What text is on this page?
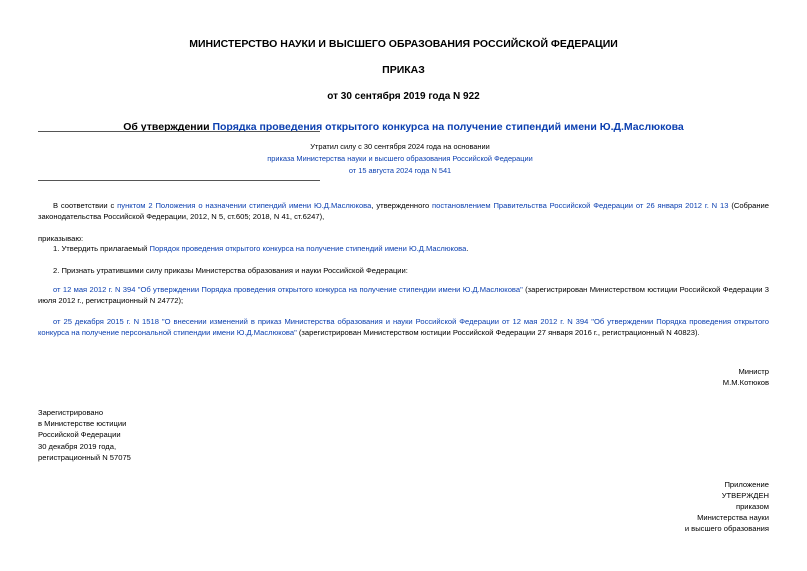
МИНИСТЕРСТВО НАУКИ И ВЫСШЕГО ОБРАЗОВАНИЯ РОССИЙСКОЙ ФЕДЕРАЦИИ
ПРИКАЗ
от 30 сентября 2019 года N 922
Об утверждении Порядка проведения открытого конкурса на получение стипендий имени Ю.Д.Маслюкова
Утратил силу с 30 сентября 2024 года на основании
приказа Министерства науки и высшего образования Российской Федерации
от 15 августа 2024 года N 541
В соответствии с пунктом 2 Положения о назначении стипендий имени Ю.Д.Маслюкова, утвержденного постановлением Правительства Российской Федерации от 26 января 2012 г. N 13 (Собрание законодательства Российской Федерации, 2012, N 5, ст.605; 2018, N 41, ст.6247),
приказываю:
1. Утвердить прилагаемый Порядок проведения открытого конкурса на получение стипендий имени Ю.Д.Маслюкова.
2. Признать утратившими силу приказы Министерства образования и науки Российской Федерации:
от 12 мая 2012 г. N 394 "Об утверждении Порядка проведения открытого конкурса на получение стипендии имени Ю.Д.Маслюкова" (зарегистрирован Министерством юстиции Российской Федерации 3 июля 2012 г., регистрационный N 24772);
от 25 декабря 2015 г. N 1518 "О внесении изменений в приказ Министерства образования и науки Российской Федерации от 12 мая 2012 г. N 394 "Об утверждении Порядка проведения открытого конкурса на получение персональной стипендии имени Ю.Д.Маслюкова" (зарегистрирован Министерством юстиции Российской Федерации 27 января 2016 г., регистрационный N 40823).
Министр
М.М.Котюков
Зарегистрировано
в Министерстве юстиции
Российской Федерации
30 декабря 2019 года,
регистрационный N 57075
Приложение
УТВЕРЖДЕН
приказом
Министерства науки
и высшего образования
